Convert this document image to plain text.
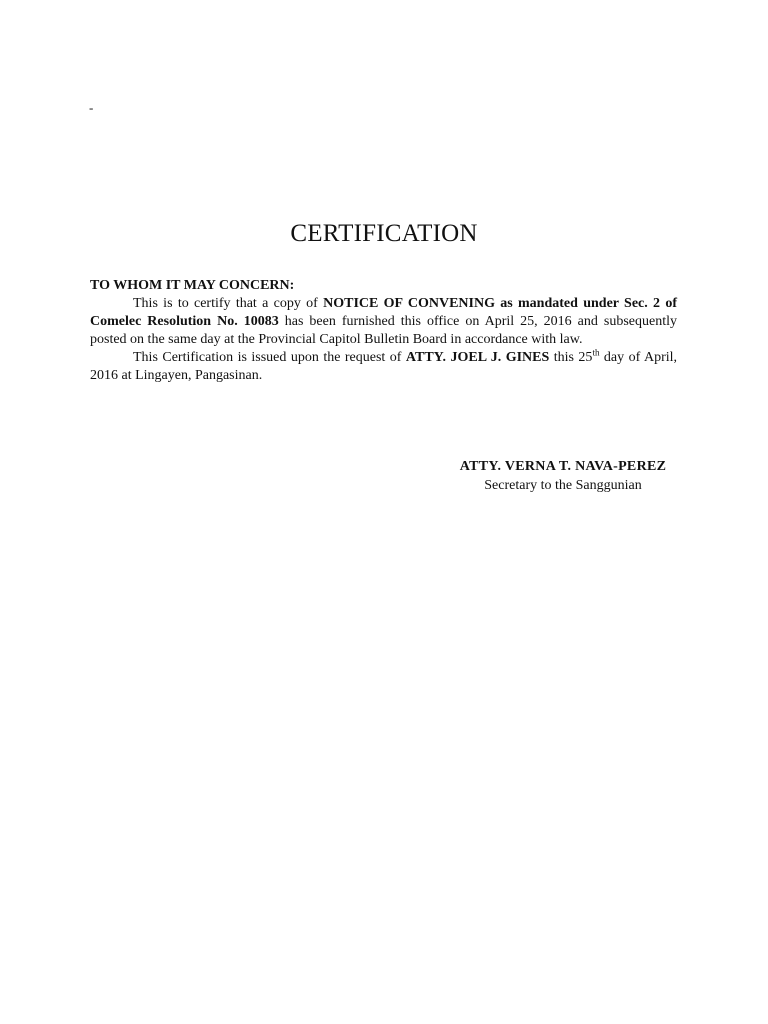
-
CERTIFICATION

TO WHOM IT MAY CONCERN:

This is to certify that a copy of NOTICE OF CONVENING as mandated under Sec. 2 of Comelec Resolution No. 10083 has been furnished this office on April 25, 2016 and subsequently posted on the same day at the Provincial Capitol Bulletin Board in accordance with law.

This Certification is issued upon the request of ATTY. JOEL J. GINES this 25th day of April, 2016 at Lingayen, Pangasinan.

ATTY. VERNA T. NAVA-PEREZ
Secretary to the Sanggunian
